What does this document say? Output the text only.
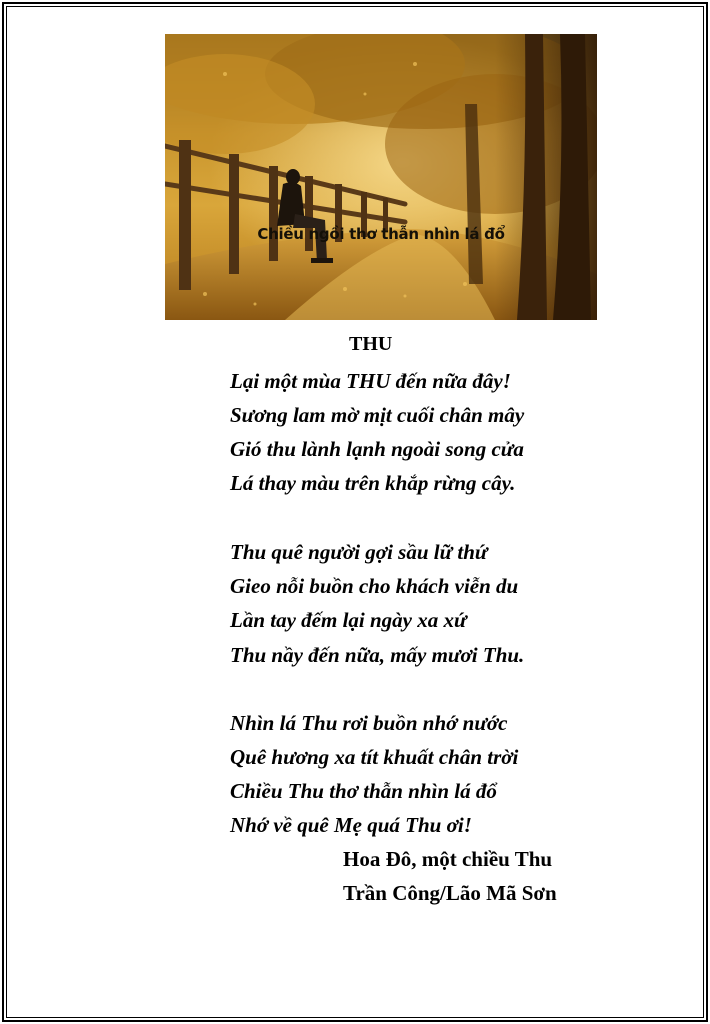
Chiều ngồi thơ thẫn nhìn lá đổ
THU
Lại một mùa THU đến nữa đây!
Sương lam mờ mịt cuối chân mây
Gió thu lành lạnh ngoài song cửa
Lá thay màu trên khắp rừng cây.
Thu quê người gợi sầu lữ thứ
Gieo nỗi buồn cho khách viễn du
Lần tay đếm lại ngày xa xứ
Thu nầy đến nữa, mấy mươi Thu.
Nhìn lá Thu rơi buồn nhớ nước
Quê hương xa tít khuất chân trời
Chiều Thu thơ thẫn nhìn lá đổ
Nhớ về quê Mẹ quá Thu ơi!
Hoa Đô, một chiều Thu
Trần Công/Lão Mã Sơn
